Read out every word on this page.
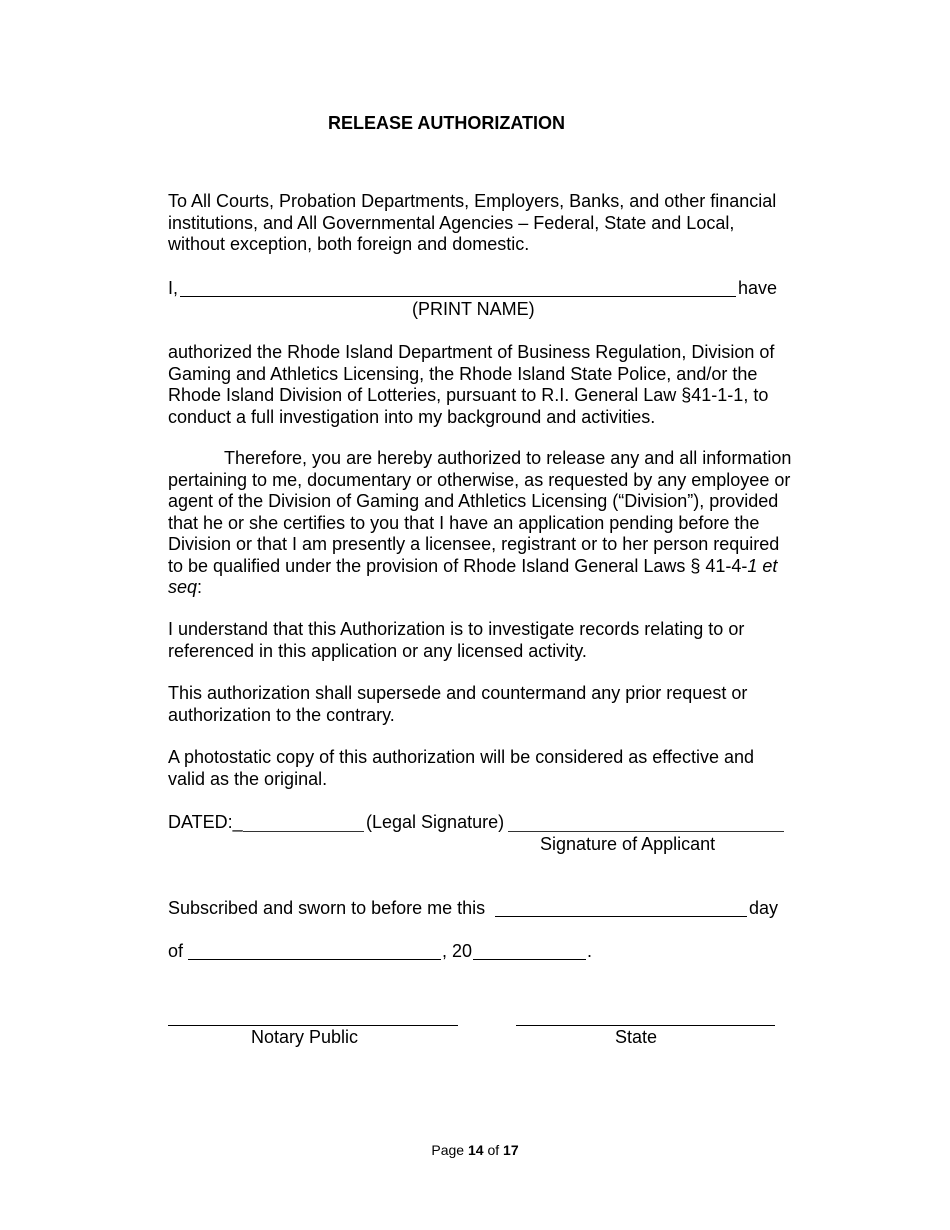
RELEASE AUTHORIZATION

To All Courts, Probation Departments, Employers, Banks, and other financial institutions, and All Governmental Agencies – Federal, State and Local, without exception, both foreign and domestic.

I,	have
(PRINT NAME)

authorized the Rhode Island Department of Business Regulation, Division of Gaming and Athletics Licensing, the Rhode Island State Police, and/or the Rhode Island Division of Lotteries, pursuant to R.I. General Law §41-1-1, to conduct a full investigation into my background and activities.

Therefore, you are hereby authorized to release any and all information pertaining to me, documentary or otherwise, as requested by any employee or agent of the Division of Gaming and Athletics Licensing (“Division”), provided that he or she certifies to you that I have an application pending before the Division or that I am presently a licensee, registrant or to her person required to be qualified under the provision of Rhode Island General Laws § 41-4-1 et seq:

I understand that this Authorization is to investigate records relating to or referenced in this application or any licensed activity.

This authorization shall supersede and countermand any prior request or authorization to the contrary.

A photostatic copy of this authorization will be considered as effective and valid as the original.

DATED:_	(Legal Signature)
Signature of Applicant
Subscribed and sworn to before me this	day
of	, 20	.
Notary Public	State
Page 14 of 17
